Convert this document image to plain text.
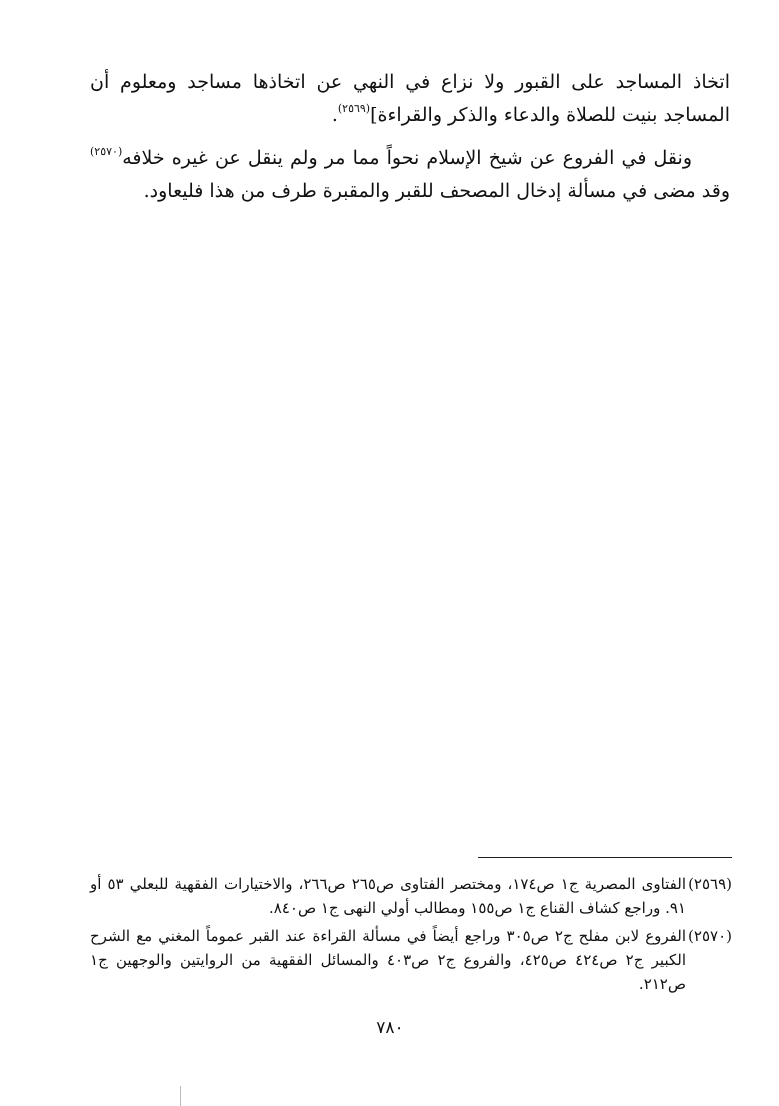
اتخاذ المساجد على القبور ولا نزاع في النهي عن اتخاذها مساجد ومعلوم أن المساجد بنيت للصلاة والدعاء والذكر والقراءة]$^{(٢٥٦٩)}$.

ونقل في الفروع عن شيخ الإسلام نحواً مما مر ولم ينقل عن غيره خلافه$^{(٢٥٧٠)}$ وقد مضى في مسألة إدخال المصحف للقبر والمقبرة طرف من هذا فليعاود.

(٢٥٦٩)الفتاوى المصرية ج١ ص١٧٤، ومختصر الفتاوى ص٢٦٥ ص٢٦٦، والاختيارات الفقهية للبعلي ٥٣ أو ٩١. وراجع كشاف القناع ج١ ص١٥٥ ومطالب أولي النهى ج١ ص٨٤٠.

(٢٥٧٠)الفروع لابن مفلح ج٢ ص٣٠٥ وراجع أيضاً في مسألة القراءة عند القبر عموماً المغني مع الشرح الكبير ج٢ ص٤٢٤ ص٤٢٥، والفروع ج٢ ص٤٠٣ والمسائل الفقهية من الروايتين والوجهين ج١ ص٢١٢.

٧٨٠
